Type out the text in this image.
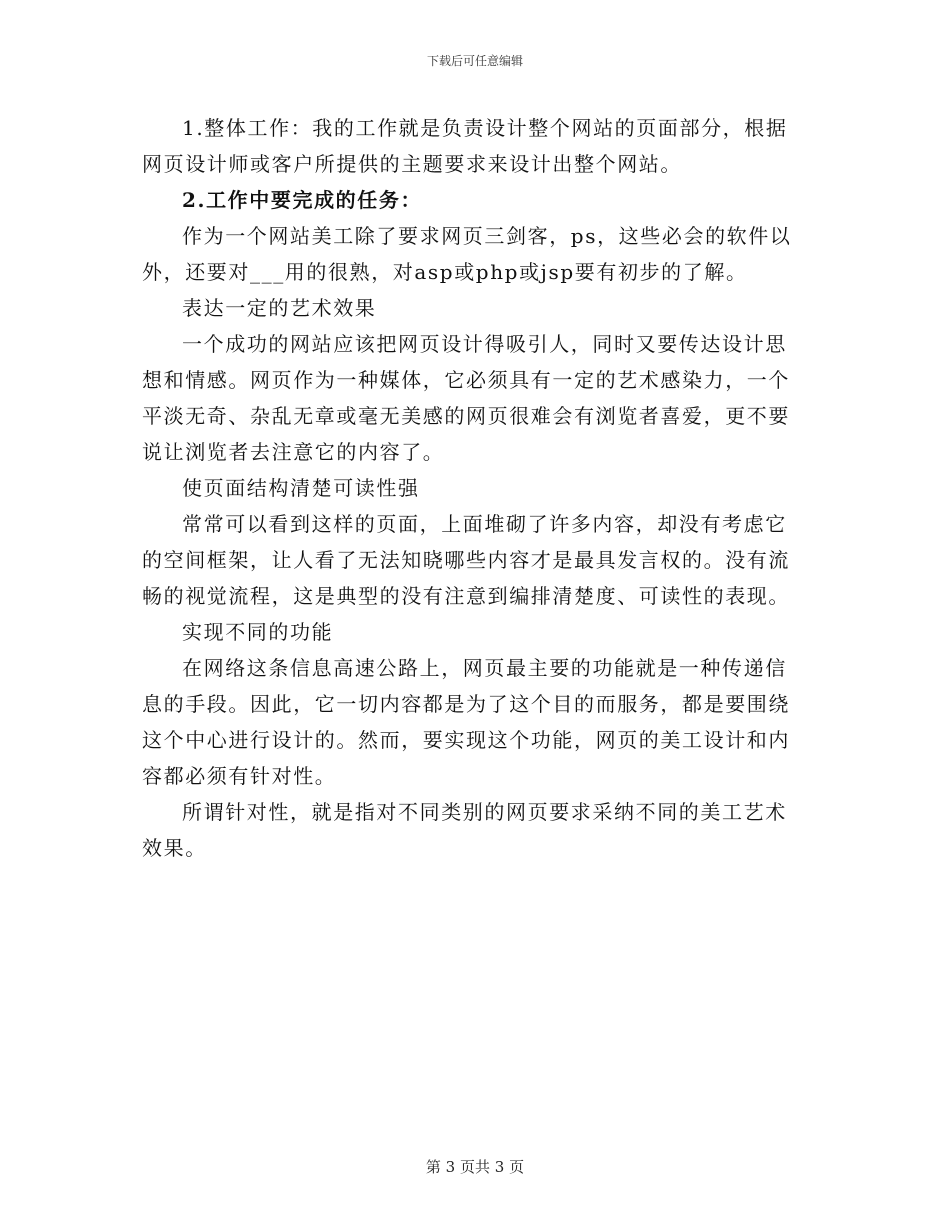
下载后可任意编辑

1.整体工作：我的工作就是负责设计整个网站的页面部分，根据网页设计师或客户所提供的主题要求来设计出整个网站。

2.工作中要完成的任务：

作为一个网站美工除了要求网页三剑客，ps，这些必会的软件以外，还要对___用的很熟，对asp或php或jsp要有初步的了解。

表达一定的艺术效果

一个成功的网站应该把网页设计得吸引人，同时又要传达设计思想和情感。网页作为一种媒体，它必须具有一定的艺术感染力，一个平淡无奇、杂乱无章或毫无美感的网页很难会有浏览者喜爱，更不要说让浏览者去注意它的内容了。

使页面结构清楚可读性强

常常可以看到这样的页面，上面堆砌了许多内容，却没有考虑它的空间框架，让人看了无法知晓哪些内容才是最具发言权的。没有流畅的视觉流程，这是典型的没有注意到编排清楚度、可读性的表现。

实现不同的功能

在网络这条信息高速公路上，网页最主要的功能就是一种传递信息的手段。因此，它一切内容都是为了这个目的而服务，都是要围绕这个中心进行设计的。然而，要实现这个功能，网页的美工设计和内容都必须有针对性。

所谓针对性，就是指对不同类别的网页要求采纳不同的美工艺术效果。

第 3 页共 3 页
